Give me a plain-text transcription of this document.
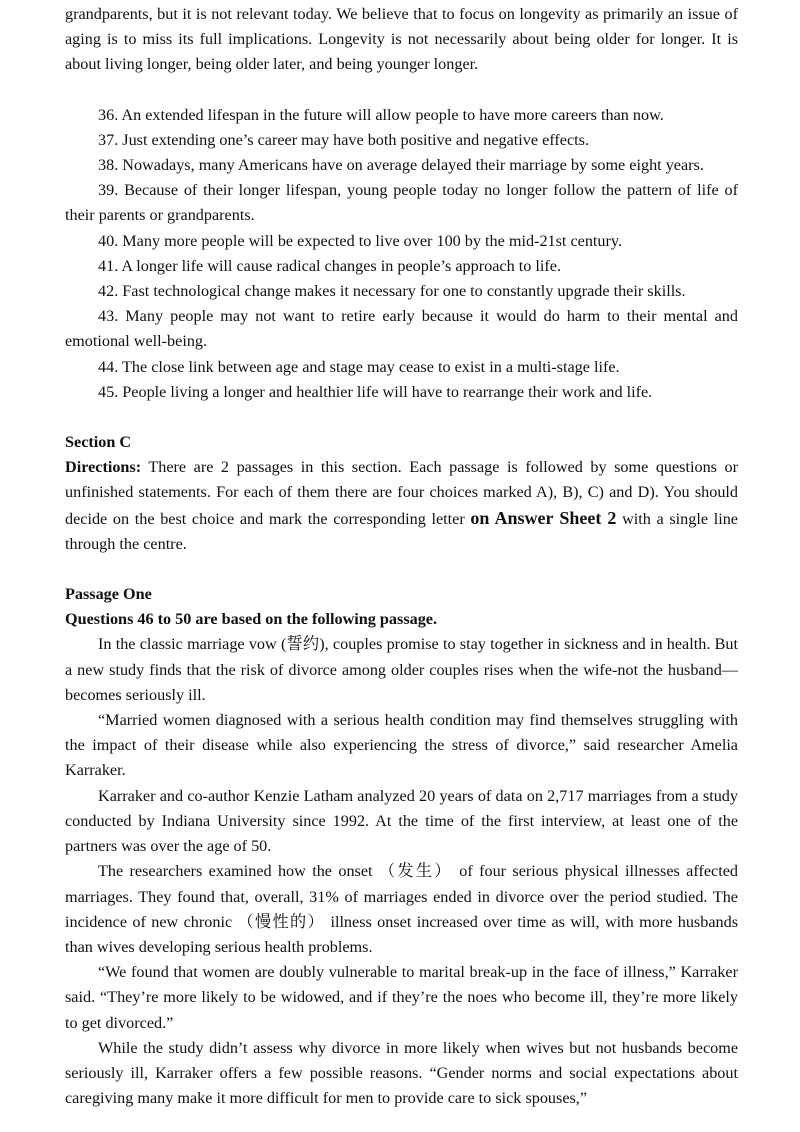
grandparents, but it is not relevant today. We believe that to focus on longevity as primarily an issue of aging is to miss its full implications. Longevity is not necessarily about being older for longer. It is about living longer, being older later, and being younger longer.

36. An extended lifespan in the future will allow people to have more careers than now.

37. Just extending one’s career may have both positive and negative effects.

38. Nowadays, many Americans have on average delayed their marriage by some eight years.

39. Because of their longer lifespan, young people today no longer follow the pattern of life of their parents or grandparents.

40. Many more people will be expected to live over 100 by the mid-21st century.

41. A longer life will cause radical changes in people’s approach to life.

42. Fast technological change makes it necessary for one to constantly upgrade their skills.

43. Many people may not want to retire early because it would do harm to their mental and emotional well-being.

44. The close link between age and stage may cease to exist in a multi-stage life.

45. People living a longer and healthier life will have to rearrange their work and life.

Section C

Directions: There are 2 passages in this section. Each passage is followed by some questions or unfinished statements. For each of them there are four choices marked A), B), C) and D). You should decide on the best choice and mark the corresponding letter on Answer Sheet 2 with a single line through the centre.

Passage One

Questions 46 to 50 are based on the following passage.

In the classic marriage vow (誓约), couples promise to stay together in sickness and in health. But a new study finds that the risk of divorce among older couples rises when the wife-not the husband—becomes seriously ill.

“Married women diagnosed with a serious health condition may find themselves struggling with the impact of their disease while also experiencing the stress of divorce,” said researcher Amelia Karraker.

Karraker and co-author Kenzie Latham analyzed 20 years of data on 2,717 marriages from a study conducted by Indiana University since 1992. At the time of the first interview, at least one of the partners was over the age of 50.

The researchers examined how the onset （发生） of four serious physical illnesses affected marriages. They found that, overall, 31% of marriages ended in divorce over the period studied. The incidence of new chronic （慢性的） illness onset increased over time as will, with more husbands than wives developing serious health problems.

“We found that women are doubly vulnerable to marital break-up in the face of illness,” Karraker said. “They’re more likely to be widowed, and if they’re the noes who become ill, they’re more likely to get divorced.”

While the study didn’t assess why divorce in more likely when wives but not husbands become seriously ill, Karraker offers a few possible reasons. “Gender norms and social expectations about caregiving many make it more difficult for men to provide care to sick spouses,”
